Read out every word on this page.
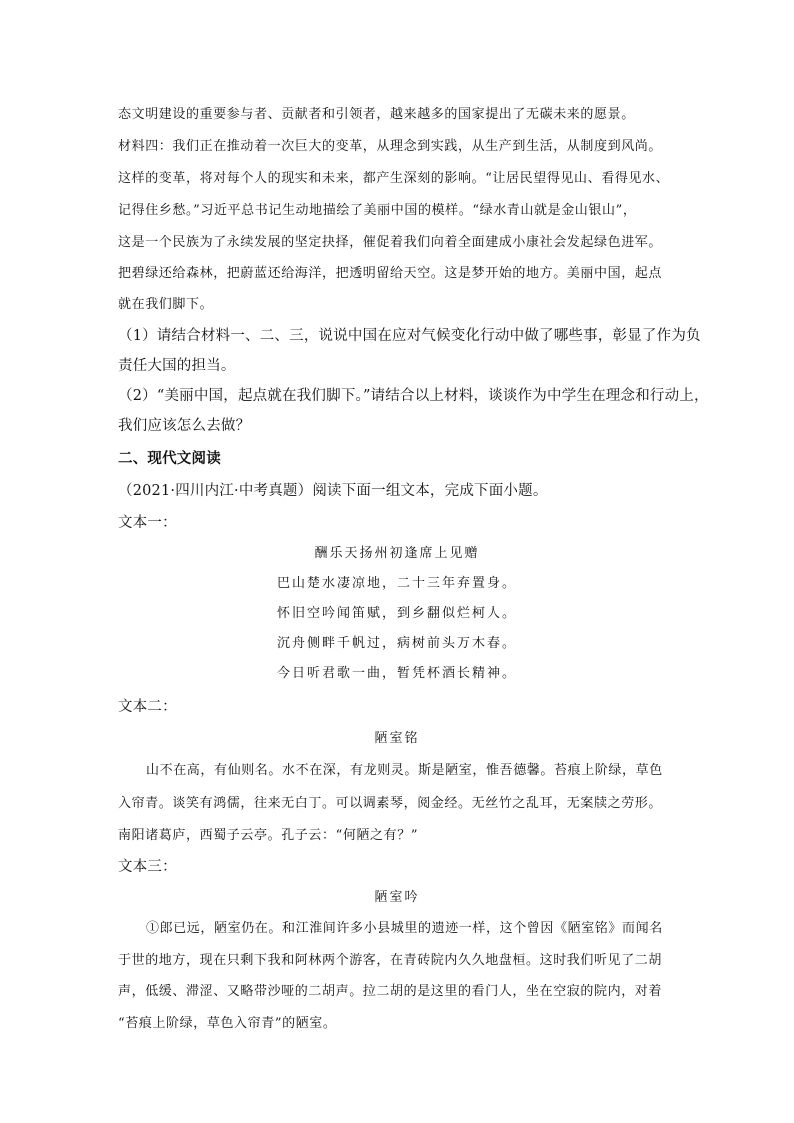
态文明建设的重要参与者、贡献者和引领者，越来越多的国家提出了无碳未来的愿景。
材料四：我们正在推动着一次巨大的变革，从理念到实践，从生产到生活，从制度到风尚。
这样的变革，将对每个人的现实和未来，都产生深刻的影响。“让居民望得见山、看得见水、
记得住乡愁。”习近平总书记生动地描绘了美丽中国的模样。“绿水青山就是金山银山”，
这是一个民族为了永续发展的坚定抉择，催促着我们向着全面建成小康社会发起绿色进军。
把碧绿还给森林，把蔚蓝还给海洋，把透明留给天空。这是梦开始的地方。美丽中国，起点
就在我们脚下。
（1）请结合材料一、二、三，说说中国在应对气候变化行动中做了哪些事，彰显了作为负
责任大国的担当。
（2）“美丽中国，起点就在我们脚下。”请结合以上材料，谈谈作为中学生在理念和行动上，
我们应该怎么去做？
二、现代文阅读
（2021·四川内江·中考真题）阅读下面一组文本，完成下面小题。
文本一：
酬乐天扬州初逢席上见赠
巴山楚水凄凉地，二十三年弃置身。
怀旧空吟闻笛赋，到乡翻似烂柯人。
沉舟侧畔千帆过，病树前头万木春。
今日听君歌一曲，暂凭杯酒长精神。
文本二：
陋室铭
山不在高，有仙则名。水不在深，有龙则灵。斯是陋室，惟吾德馨。苔痕上阶绿，草色
入帘青。谈笑有鸿儒，往来无白丁。可以调素琴，阅金经。无丝竹之乱耳，无案牍之劳形。
南阳诸葛庐，西蜀子云亭。孔子云：“何陋之有？”
文本三：
陋室吟
①郎已远，陋室仍在。和江淮间许多小县城里的遗迹一样，这个曾因《陋室铭》而闻名
于世的地方，现在只剩下我和阿林两个游客，在青砖院内久久地盘桓。这时我们听见了二胡
声，低缓、滞涩、又略带沙哑的二胡声。拉二胡的是这里的看门人，坐在空寂的院内，对着
“苔痕上阶绿，草色入帘青”的陋室。
